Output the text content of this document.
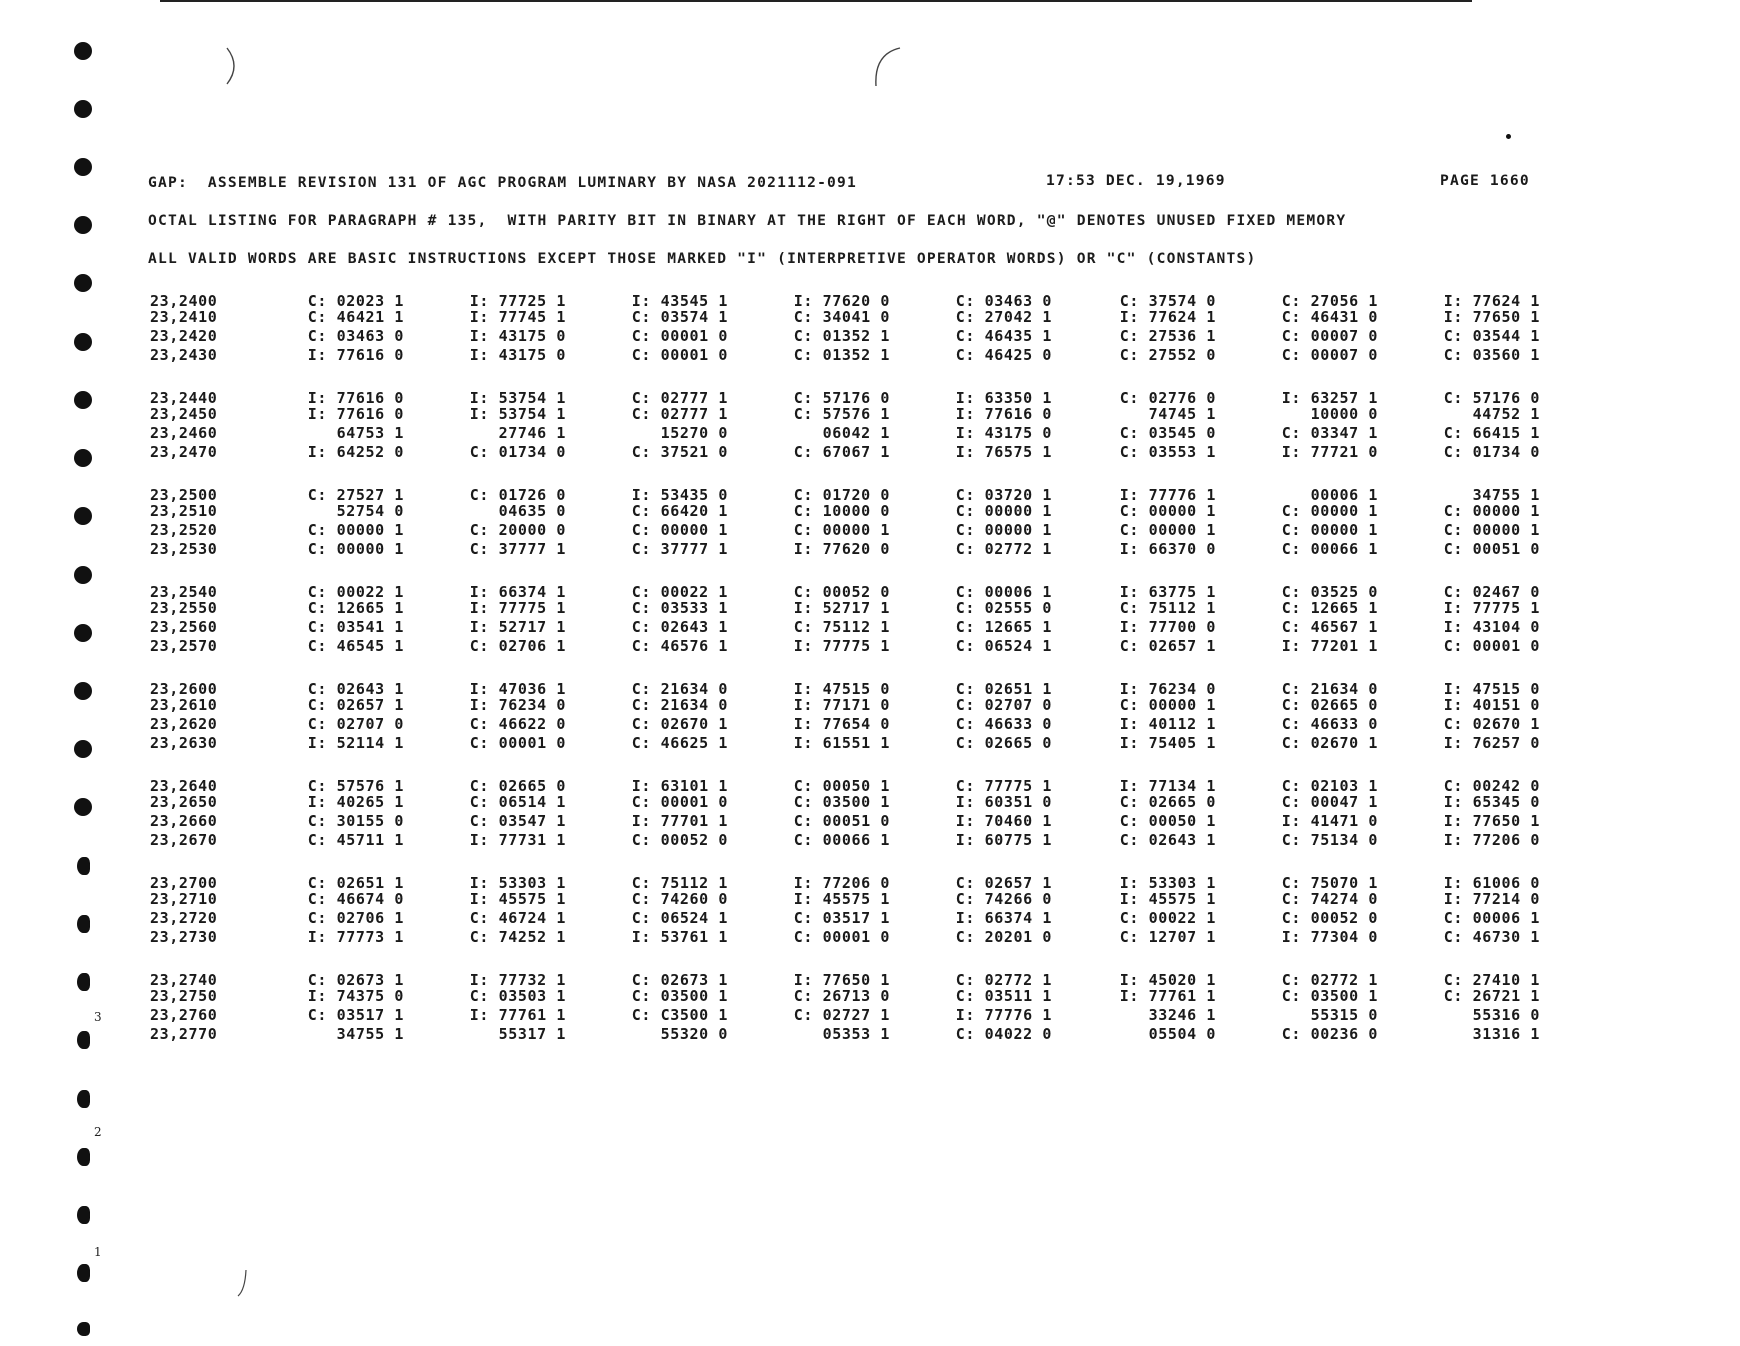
3
2
1
GAP:  ASSEMBLE REVISION 131 OF AGC PROGRAM LUMINARY BY NASA 2021112-091	17:53 DEC. 19,1969	PAGE 1660
OCTAL LISTING FOR PARAGRAPH # 135,  WITH PARITY BIT IN BINARY AT THE RIGHT OF EACH WORD, "@" DENOTES UNUSED FIXED MEMORY
ALL VALID WORDS ARE BASIC INSTRUCTIONS EXCEPT THOSE MARKED "I" (INTERPRETIVE OPERATOR WORDS) OR "C" (CONSTANTS)
23,2400	C: 02023 1	I: 77725 1	I: 43545 1	I: 77620 0	C: 03463 0	C: 37574 0	C: 27056 1	I: 77624 1
23,2410	C: 46421 1	I: 77745 1	C: 03574 1	C: 34041 0	C: 27042 1	I: 77624 1	C: 46431 0	I: 77650 1
23,2420	C: 03463 0	I: 43175 0	C: 00001 0	C: 01352 1	C: 46435 1	C: 27536 1	C: 00007 0	C: 03544 1
23,2430	I: 77616 0	I: 43175 0	C: 00001 0	C: 01352 1	C: 46425 0	C: 27552 0	C: 00007 0	C: 03560 1
23,2440	I: 77616 0	I: 53754 1	C: 02777 1	C: 57176 0	I: 63350 1	C: 02776 0	I: 63257 1	C: 57176 0
23,2450	I: 77616 0	I: 53754 1	C: 02777 1	C: 57576 1	I: 77616 0	74745 1	10000 0	44752 1
23,2460	64753 1	27746 1	15270 0	06042 1	I: 43175 0	C: 03545 0	C: 03347 1	C: 66415 1
23,2470	I: 64252 0	C: 01734 0	C: 37521 0	C: 67067 1	I: 76575 1	C: 03553 1	I: 77721 0	C: 01734 0
23,2500	C: 27527 1	C: 01726 0	I: 53435 0	C: 01720 0	C: 03720 1	I: 77776 1	00006 1	34755 1
23,2510	52754 0	04635 0	C: 66420 1	C: 10000 0	C: 00000 1	C: 00000 1	C: 00000 1	C: 00000 1
23,2520	C: 00000 1	C: 20000 0	C: 00000 1	C: 00000 1	C: 00000 1	C: 00000 1	C: 00000 1	C: 00000 1
23,2530	C: 00000 1	C: 37777 1	C: 37777 1	I: 77620 0	C: 02772 1	I: 66370 0	C: 00066 1	C: 00051 0
23,2540	C: 00022 1	I: 66374 1	C: 00022 1	C: 00052 0	C: 00006 1	I: 63775 1	C: 03525 0	C: 02467 0
23,2550	C: 12665 1	I: 77775 1	C: 03533 1	I: 52717 1	C: 02555 0	C: 75112 1	C: 12665 1	I: 77775 1
23,2560	C: 03541 1	I: 52717 1	C: 02643 1	C: 75112 1	C: 12665 1	I: 77700 0	C: 46567 1	I: 43104 0
23,2570	C: 46545 1	C: 02706 1	C: 46576 1	I: 77775 1	C: 06524 1	C: 02657 1	I: 77201 1	C: 00001 0
23,2600	C: 02643 1	I: 47036 1	C: 21634 0	I: 47515 0	C: 02651 1	I: 76234 0	C: 21634 0	I: 47515 0
23,2610	C: 02657 1	I: 76234 0	C: 21634 0	I: 77171 0	C: 02707 0	C: 00000 1	C: 02665 0	I: 40151 0
23,2620	C: 02707 0	C: 46622 0	C: 02670 1	I: 77654 0	C: 46633 0	I: 40112 1	C: 46633 0	C: 02670 1
23,2630	I: 52114 1	C: 00001 0	C: 46625 1	I: 61551 1	C: 02665 0	I: 75405 1	C: 02670 1	I: 76257 0
23,2640	C: 57576 1	C: 02665 0	I: 63101 1	C: 00050 1	C: 77775 1	I: 77134 1	C: 02103 1	C: 00242 0
23,2650	I: 40265 1	C: 06514 1	C: 00001 0	C: 03500 1	I: 60351 0	C: 02665 0	C: 00047 1	I: 65345 0
23,2660	C: 30155 0	C: 03547 1	I: 77701 1	C: 00051 0	I: 70460 1	C: 00050 1	I: 41471 0	I: 77650 1
23,2670	C: 45711 1	I: 77731 1	C: 00052 0	C: 00066 1	I: 60775 1	C: 02643 1	C: 75134 0	I: 77206 0
23,2700	C: 02651 1	I: 53303 1	C: 75112 1	I: 77206 0	C: 02657 1	I: 53303 1	C: 75070 1	I: 61006 0
23,2710	C: 46674 0	I: 45575 1	C: 74260 0	I: 45575 1	C: 74266 0	I: 45575 1	C: 74274 0	I: 77214 0
23,2720	C: 02706 1	C: 46724 1	C: 06524 1	C: 03517 1	I: 66374 1	C: 00022 1	C: 00052 0	C: 00006 1
23,2730	I: 77773 1	C: 74252 1	I: 53761 1	C: 00001 0	C: 20201 0	C: 12707 1	I: 77304 0	C: 46730 1
23,2740	C: 02673 1	I: 77732 1	C: 02673 1	I: 77650 1	C: 02772 1	I: 45020 1	C: 02772 1	C: 27410 1
23,2750	I: 74375 0	C: 03503 1	C: 03500 1	C: 26713 0	C: 03511 1	I: 77761 1	C: 03500 1	C: 26721 1
23,2760	C: 03517 1	I: 77761 1	C: C3500 1	C: 02727 1	I: 77776 1	33246 1	55315 0	55316 0
23,2770	34755 1	55317 1	55320 0	05353 1	C: 04022 0	05504 0	C: 00236 0	31316 1
